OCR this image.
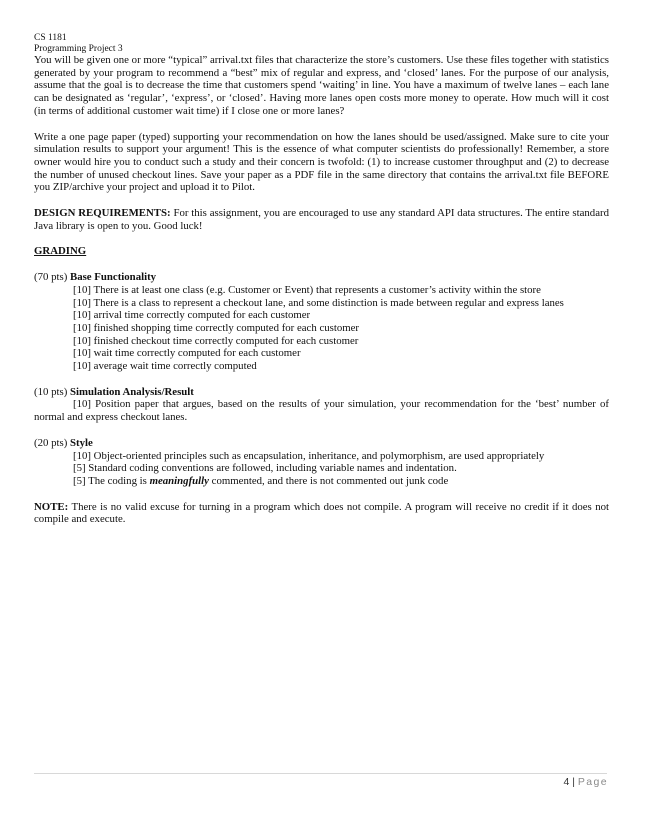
CS 1181
Programming Project 3

You will be given one or more “typical” arrival.txt files that characterize the store’s customers. Use these files together with statistics generated by your program to recommend a “best” mix of regular and express, and ‘closed’ lanes. For the purpose of our analysis, assume that the goal is to decrease the time that customers spend ‘waiting’ in line. You have a maximum of twelve lanes – each lane can be designated as ‘regular’, ‘express’, or ‘closed’. Having more lanes open costs more money to operate. How much will it cost (in terms of additional customer wait time) if I close one or more lanes?

Write a one page paper (typed) supporting your recommendation on how the lanes should be used/assigned. Make sure to cite your simulation results to support your argument! This is the essence of what computer scientists do professionally! Remember, a store owner would hire you to conduct such a study and their concern is twofold: (1) to increase customer throughput and (2) to decrease the number of unused checkout lines. Save your paper as a PDF file in the same directory that contains the arrival.txt file BEFORE you ZIP/archive your project and upload it to Pilot.

DESIGN REQUIREMENTS: For this assignment, you are encouraged to use any standard API data structures. The entire standard Java library is open to you. Good luck!

GRADING
(70 pts) Base Functionality
[10] There is at least one class (e.g. Customer or Event) that represents a customer’s activity within the store
[10] There is a class to represent a checkout lane, and some distinction is made between regular and express lanes
[10] arrival time correctly computed for each customer
[10] finished shopping time correctly computed for each customer
[10] finished checkout time correctly computed for each customer
[10] wait time correctly computed for each customer
[10] average wait time correctly computed
(10 pts) Simulation Analysis/Result

[10] Position paper that argues, based on the results of your simulation, your recommendation for the ‘best’ number of normal and express checkout lanes.

(20 pts) Style
[10] Object-oriented principles such as encapsulation, inheritance, and polymorphism, are used appropriately
[5] Standard coding conventions are followed, including variable names and indentation.
[5] The coding is meaningfully commented, and there is not commented out junk code

NOTE: There is no valid excuse for turning in a program which does not compile. A program will receive no credit if it does not compile and execute.

4 | Page
